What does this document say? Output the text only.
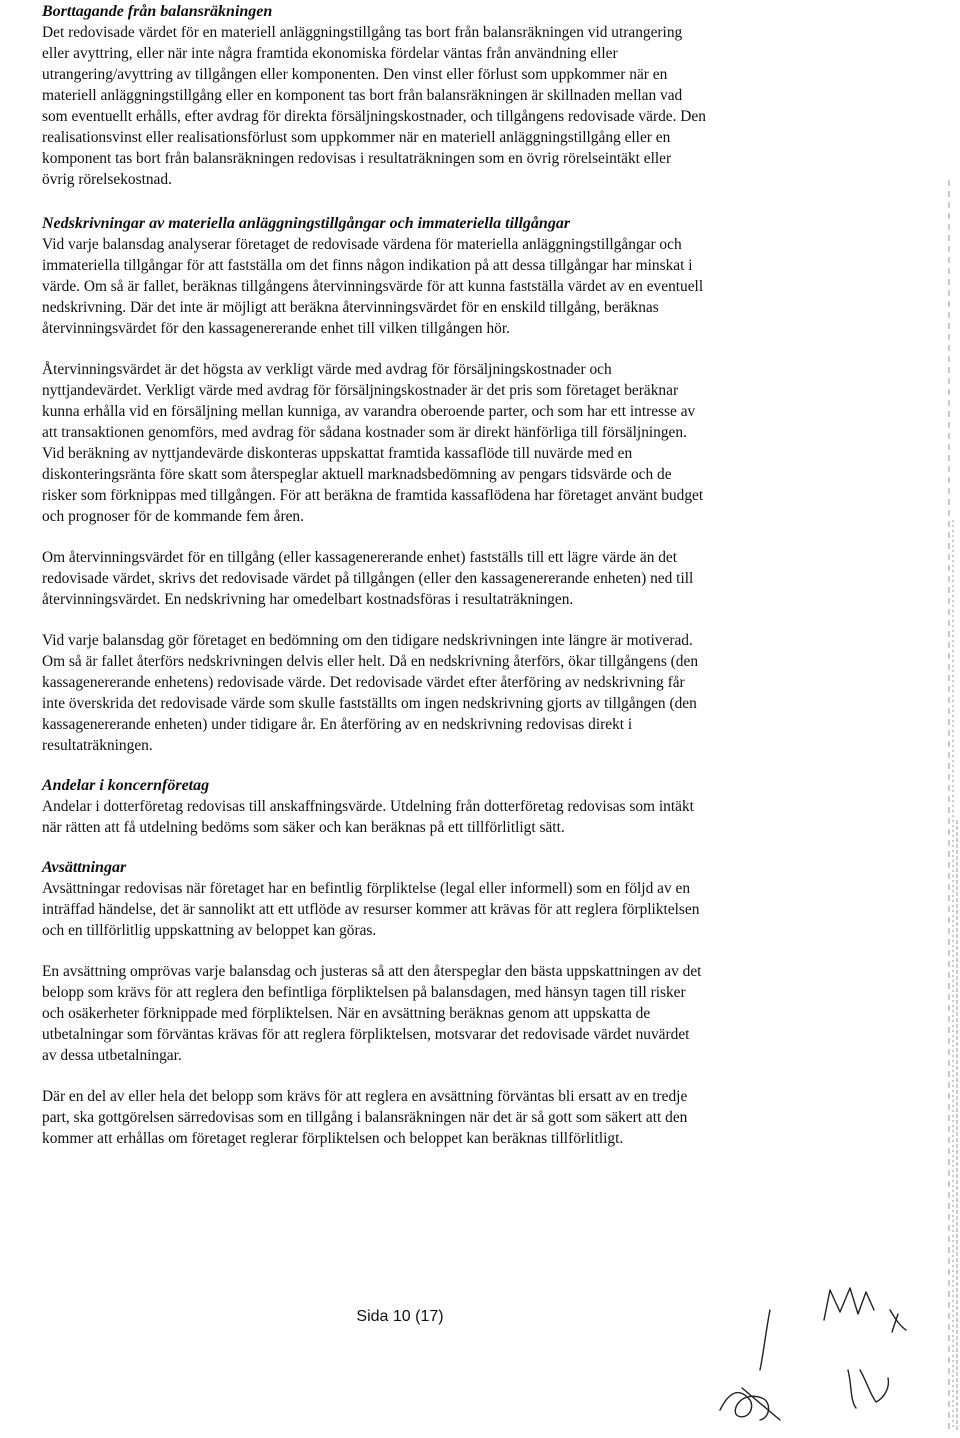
Borttagande från balansräkningen

Det redovisade värdet för en materiell anläggningstillgång tas bort från balansräkningen vid utrangering eller avyttring, eller när inte några framtida ekonomiska fördelar väntas från användning eller utrangering/avyttring av tillgången eller komponenten. Den vinst eller förlust som uppkommer när en materiell anläggningstillgång eller en komponent tas bort från balansräkningen är skillnaden mellan vad som eventuellt erhålls, efter avdrag för direkta försäljningskostnader, och tillgångens redovisade värde. Den realisationsvinst eller realisationsförlust som uppkommer när en materiell anläggningstillgång eller en komponent tas bort från balansräkningen redovisas i resultaträkningen som en övrig rörelseintäkt eller övrig rörelsekostnad.

Nedskrivningar av materiella anläggningstillgångar och immateriella tillgångar

Vid varje balansdag analyserar företaget de redovisade värdena för materiella anläggningstillgångar och immateriella tillgångar för att fastställa om det finns någon indikation på att dessa tillgångar har minskat i värde. Om så är fallet, beräknas tillgångens återvinningsvärde för att kunna fastställa värdet av en eventuell nedskrivning. Där det inte är möjligt att beräkna återvinningsvärdet för en enskild tillgång, beräknas återvinningsvärdet för den kassagenererande enhet till vilken tillgången hör.

Återvinningsvärdet är det högsta av verkligt värde med avdrag för försäljningskostnader och nyttjandevärdet. Verkligt värde med avdrag för försäljningskostnader är det pris som företaget beräknar kunna erhålla vid en försäljning mellan kunniga, av varandra oberoende parter, och som har ett intresse av att transaktionen genomförs, med avdrag för sådana kostnader som är direkt hänförliga till försäljningen. Vid beräkning av nyttjandevärde diskonteras uppskattat framtida kassaflöde till nuvärde med en diskonteringsränta före skatt som återspeglar aktuell marknadsbedömning av pengars tidsvärde och de risker som förknippas med tillgången. För att beräkna de framtida kassaflödena har företaget använt budget och prognoser för de kommande fem åren.

Om återvinningsvärdet för en tillgång (eller kassagenererande enhet) fastställs till ett lägre värde än det redovisade värdet, skrivs det redovisade värdet på tillgången (eller den kassagenererande enheten) ned till återvinningsvärdet. En nedskrivning har omedelbart kostnadsföras i resultaträkningen.

Vid varje balansdag gör företaget en bedömning om den tidigare nedskrivningen inte längre är motiverad. Om så är fallet återförs nedskrivningen delvis eller helt. Då en nedskrivning återförs, ökar tillgångens (den kassagenererande enhetens) redovisade värde. Det redovisade värdet efter återföring av nedskrivning får inte överskrida det redovisade värde som skulle fastställts om ingen nedskrivning gjorts av tillgången (den kassagenererande enheten) under tidigare år. En återföring av en nedskrivning redovisas direkt i resultaträkningen.

Andelar i koncernföretag

Andelar i dotterföretag redovisas till anskaffningsvärde. Utdelning från dotterföretag redovisas som intäkt när rätten att få utdelning bedöms som säker och kan beräknas på ett tillförlitligt sätt.

Avsättningar

Avsättningar redovisas när företaget har en befintlig förpliktelse (legal eller informell) som en följd av en inträffad händelse, det är sannolikt att ett utflöde av resurser kommer att krävas för att reglera förpliktelsen och en tillförlitlig uppskattning av beloppet kan göras.

En avsättning omprövas varje balansdag och justeras så att den återspeglar den bästa uppskattningen av det belopp som krävs för att reglera den befintliga förpliktelsen på balansdagen, med hänsyn tagen till risker och osäkerheter förknippade med förpliktelsen. När en avsättning beräknas genom att uppskatta de utbetalningar som förväntas krävas för att reglera förpliktelsen, motsvarar det redovisade värdet nuvärdet av dessa utbetalningar.

Där en del av eller hela det belopp som krävs för att reglera en avsättning förväntas bli ersatt av en tredje part, ska gottgörelsen särredovisas som en tillgång i balansräkningen när det är så gott som säkert att den kommer att erhållas om företaget reglerar förpliktelsen och beloppet kan beräknas tillförlitligt.

Sida 10 (17)
